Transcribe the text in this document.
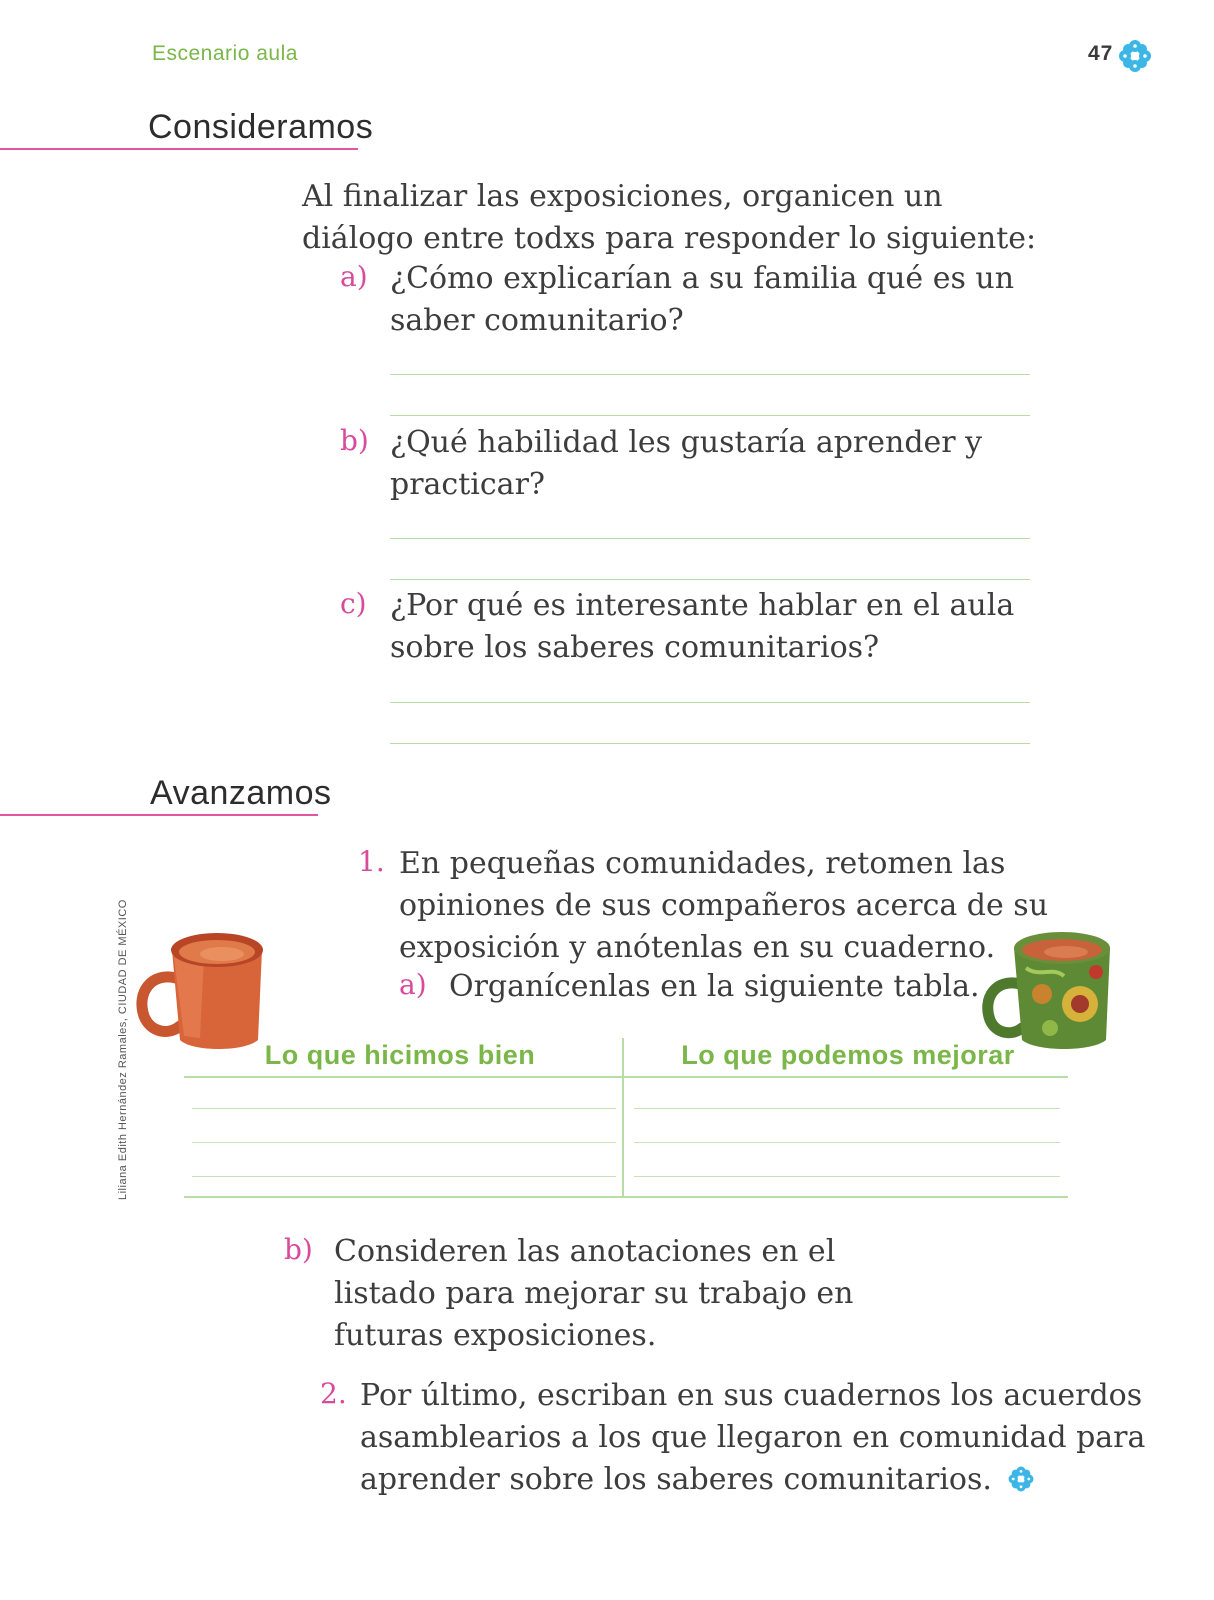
Escenario aula	47
Consideramos
Al finalizar las exposiciones, organicen un
diálogo entre todxs para responder lo siguiente:
a) ¿Cómo explicarían a su familia qué es un
saber comunitario?
b) ¿Qué habilidad les gustaría aprender y
practicar?
c) ¿Por qué es interesante hablar en el aula
sobre los saberes comunitarios?
Avanzamos
1. En pequeñas comunidades, retomen las
opiniones de sus compañeros acerca de su
exposición y anótenlas en su cuaderno.
a) Organícenlas en la siguiente tabla.
Liliana Edith Hernández Ramales, CIUDAD DE MÉXICO	Lo que hicimos bien	Lo que podemos mejorar
b) Consideren las anotaciones en el
listado para mejorar su trabajo en
futuras exposiciones.
2. Por último, escriban en sus cuadernos los acuerdos
asamblearios a los que llegaron en comunidad para
aprender sobre los saberes comunitarios.
